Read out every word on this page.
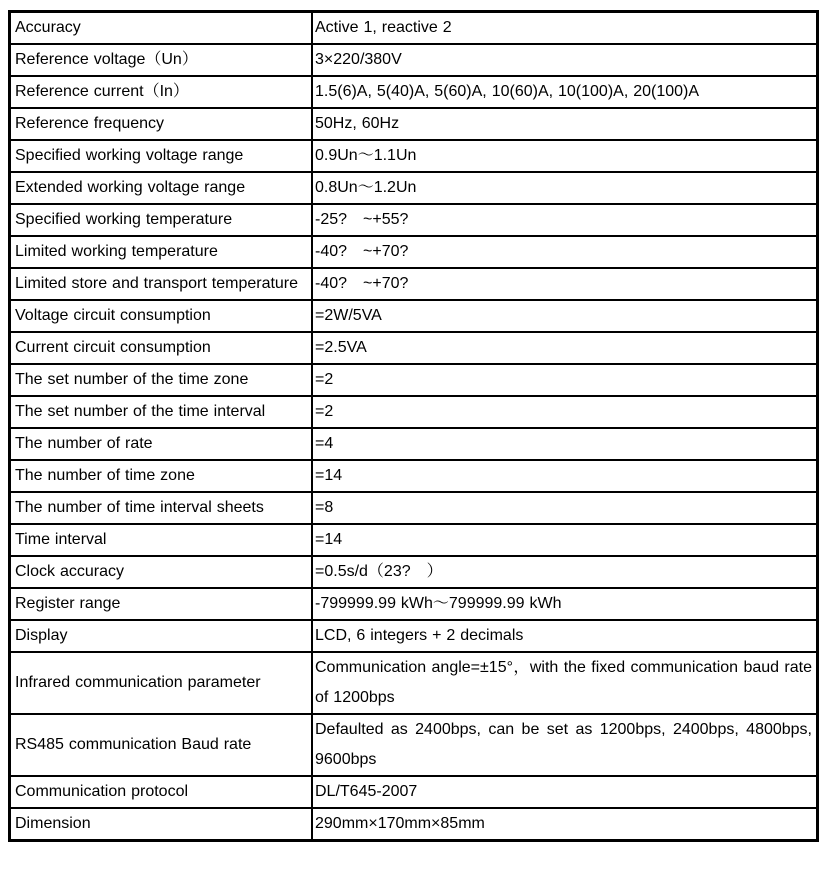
Accuracy	Active 1, reactive 2
Reference voltage（Un）	3×220/380V
Reference current（In）	1.5(6)A, 5(40)A, 5(60)A, 10(60)A, 10(100)A, 20(100)A
Reference frequency	50Hz, 60Hz
Specified working voltage range	0.9Un～1.1Un
Extended working voltage range	0.8Un～1.2Un
Specified working temperature	-25?　~+55?
Limited working temperature	-40?　~+70?
Limited store and transport temperature	-40?　~+70?
Voltage circuit consumption	=2W/5VA
Current circuit consumption	=2.5VA
The set number of the time zone	=2
The set number of the time interval	=2
The number of rate	=4
The number of time zone	=14
The number of time interval sheets	=8
Time interval	=14
Clock accuracy	=0.5s/d（23?　）
Register range	-799999.99 kWh～799999.99 kWh
Display	LCD, 6 integers + 2 decimals
Infrared communication parameter	Communication angle=±15°，with the fixed communication baud rate of 1200bps
RS485 communication Baud rate	Defaulted as 2400bps, can be set as 1200bps, 2400bps, 4800bps, 9600bps
Communication protocol	DL/T645-2007
Dimension	290mm×170mm×85mm
